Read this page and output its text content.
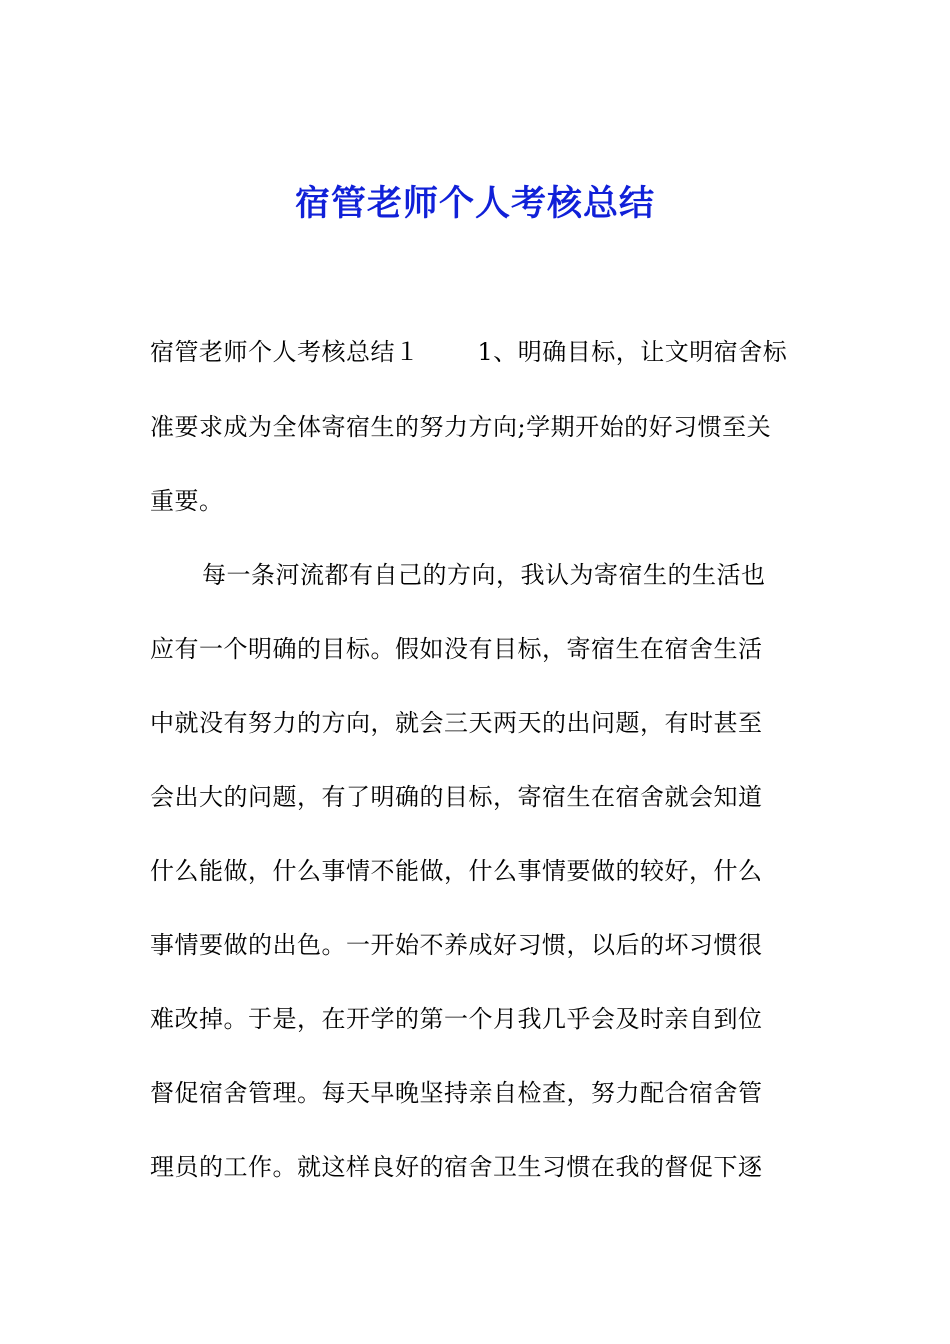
宿管老师个人考核总结
宿管老师个人考核总结１ 1、明确目标，让文明宿舍标
准要求成为全体寄宿生的努力方向;学期开始的好习惯至关
重要。
每一条河流都有自己的方向，我认为寄宿生的生活也
应有一个明确的目标。假如没有目标，寄宿生在宿舍生活
中就没有努力的方向，就会三天两天的出问题，有时甚至
会出大的问题，有了明确的目标，寄宿生在宿舍就会知道
什么能做，什么事情不能做，什么事情要做的较好，什么
事情要做的出色。一开始不养成好习惯，以后的坏习惯很
难改掉。于是，在开学的第一个月我几乎会及时亲自到位
督促宿舍管理。每天早晚坚持亲自检查，努力配合宿舍管
理员的工作。就这样良好的宿舍卫生习惯在我的督促下逐
